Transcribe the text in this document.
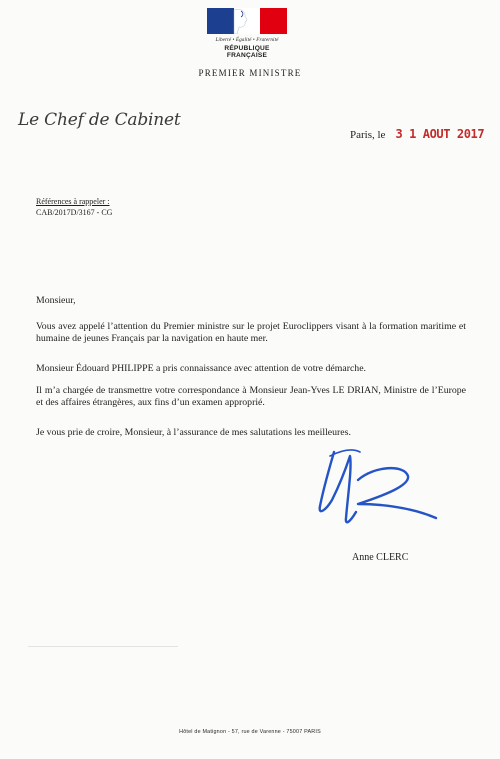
Liberté • Égalité • Fraternité
RÉPUBLIQUE FRANÇAISE
PREMIER MINISTRE
Le Chef de Cabinet
Paris, le 3 1 AOUT 2017
Références à rappeler :
CAB/2017D/3167 - CG
Monsieur,
Vous avez appelé l’attention du Premier ministre sur le projet Euroclippers visant à la formation maritime et humaine de jeunes Français par la navigation en haute mer.
Monsieur Édouard PHILIPPE a pris connaissance avec attention de votre démarche.
Il m’a chargée de transmettre votre correspondance à Monsieur Jean-Yves LE DRIAN, Ministre de l’Europe et des affaires étrangères, aux fins d’un examen approprié.
Je vous prie de croire, Monsieur, à l’assurance de mes salutations les meilleures.
Anne CLERC
Hôtel de Matignon - 57, rue de Varenne - 75007 PARIS
